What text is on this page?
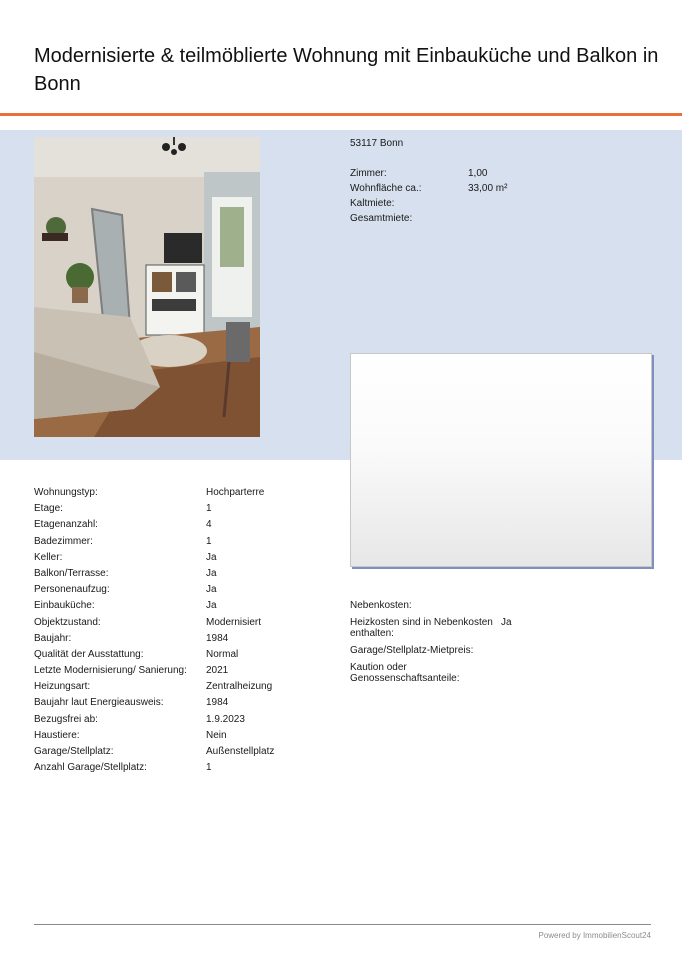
Modernisierte & teilmöblierte Wohnung mit Einbauküche und Balkon in Bonn
53117 Bonn
Zimmer:	1,00
Wohnfläche ca.:	33,00 m²
Kaltmiete:
Gesamtmiete:
Wohnungstyp:	Hochparterre
Etage:	1
Etagenanzahl:	4
Badezimmer:	1
Keller:	Ja
Balkon/Terrasse:	Ja
Personenaufzug:	Ja
Einbauküche:	Ja
Objektzustand:	Modernisiert
Baujahr:	1984
Qualität der Ausstattung:	Normal
Letzte Modernisierung/ Sanierung: 2021
Heizungsart:	Zentralheizung
Baujahr laut Energieausweis:	1984
Bezugsfrei ab:	1.9.2023
Haustiere:	Nein
Garage/Stellplatz:	Außenstellplatz
Anzahl Garage/Stellplatz:	1
Nebenkosten:
Heizkosten sind in Nebenkosten enthalten:
Ja
Garage/Stellplatz-Mietpreis:
Kaution oder Genossenschaftsanteile:
Powered by ImmobilienScout24
